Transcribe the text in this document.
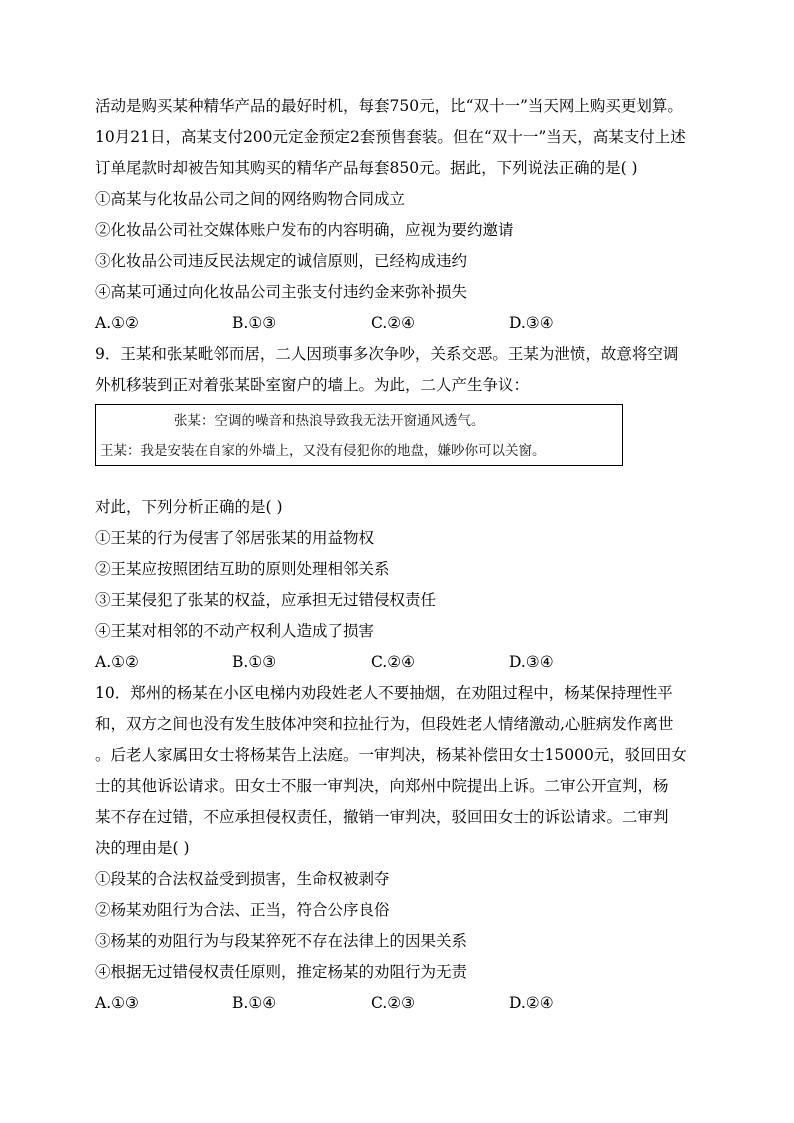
活动是购买某种精华产品的最好时机，每套750元，比“双十一”当天网上购买更划算。
10月21日，高某支付200元定金预定2套预售套装。但在“双十一”当天，高某支付上述
订单尾款时却被告知其购买的精华产品每套850元。据此，下列说法正确的是( )
①高某与化妆品公司之间的网络购物合同成立
②化妆品公司社交媒体账户发布的内容明确，应视为要约邀请
③化妆品公司违反民法规定的诚信原则，已经构成违约
④高某可通过向化妆品公司主张支付违约金来弥补损失
A.①②	B.①③	C.②④	D.③④
9．王某和张某毗邻而居，二人因琐事多次争吵，关系交恶。王某为泄愤，故意将空调
外机移装到正对着张某卧室窗户的墙上。为此，二人产生争议：
张某：空调的噪音和热浪导致我无法开窗通风透气。
王某：我是安装在自家的外墙上，又没有侵犯你的地盘，嫌吵你可以关窗。
对此，下列分析正确的是( )
①王某的行为侵害了邻居张某的用益物权
②王某应按照团结互助的原则处理相邻关系
③王某侵犯了张某的权益，应承担无过错侵权责任
④王某对相邻的不动产权利人造成了损害
A.①②	B.①③	C.②④	D.③④
10．郑州的杨某在小区电梯内劝段姓老人不要抽烟，在劝阻过程中，杨某保持理性平
和，双方之间也没有发生肢体冲突和拉扯行为，但段姓老人情绪激动,心脏病发作离世
。后老人家属田女士将杨某告上法庭。一审判决，杨某补偿田女士15000元，驳回田女
士的其他诉讼请求。田女士不服一审判决，向郑州中院提出上诉。二审公开宣判，杨
某不存在过错，不应承担侵权责任，撤销一审判决，驳回田女士的诉讼请求。二审判
决的理由是( )
①段某的合法权益受到损害，生命权被剥夺
②杨某劝阻行为合法、正当，符合公序良俗
③杨某的劝阻行为与段某猝死不存在法律上的因果关系
④根据无过错侵权责任原则，推定杨某的劝阻行为无责
A.①③	B.①④	C.②③	D.②④
